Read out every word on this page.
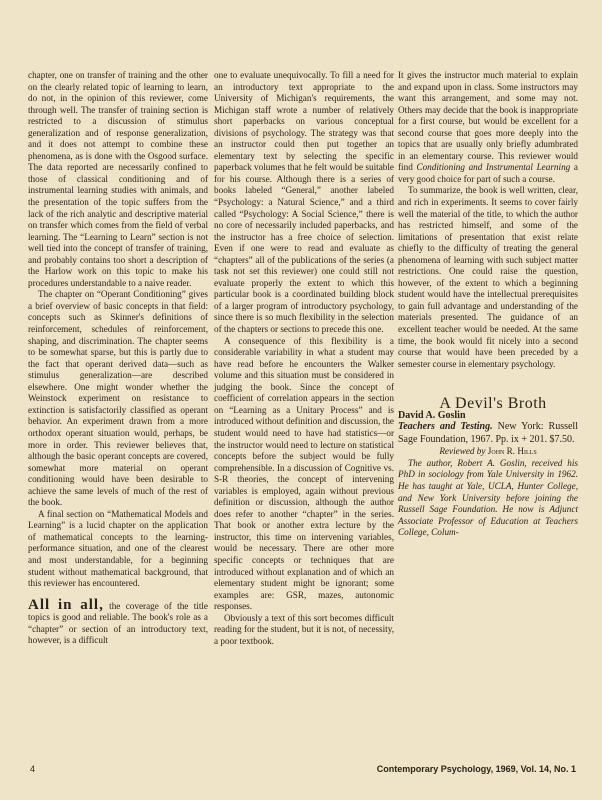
chapter, one on transfer of training and the other on the clearly related topic of learning to learn, do not, in the opinion of this reviewer, come through well. The transfer of training section is restricted to a discussion of stimulus generalization and of response generalization, and it does not attempt to combine these phenomena, as is done with the Osgood surface. The data reported are necessarily confined to those of classical conditioning and of instrumental learning studies with animals, and the presentation of the topic suffers from the lack of the rich analytic and descriptive material on transfer which comes from the field of verbal learning. The “Learning to Learn” section is not well tied into the concept of transfer of training, and probably contains too short a description of the Harlow work on this topic to make his procedures understandable to a naive reader.

The chapter on “Operant Conditioning” gives a brief overview of basic concepts in that field: concepts such as Skinner's definitions of reinforcement, schedules of reinforcement, shaping, and discrimination. The chapter seems to be somewhat sparse, but this is partly due to the fact that operant derived data—such as stimulus generalization—are described elsewhere. One might wonder whether the Weinstock experiment on resistance to extinction is satisfactorily classified as operant behavior. An experiment drawn from a more orthodox operant situation would, perhaps, be more in order. This reviewer believes that, although the basic operant concepts are covered, somewhat more material on operant conditioning would have been desirable to achieve the same levels of much of the rest of the book.

A final section on “Mathematical Models and Learning” is a lucid chapter on the application of mathematical concepts to the learning-performance situation, and one of the clearest and most understandable, for a beginning student without mathematical background, that this reviewer has encountered.

All in all, the coverage of the title topics is good and reliable. The book's role as a “chapter” or section of an introductory text, however, is a difficult

one to evaluate unequivocally. To fill a need for an introductory text appropriate to the University of Michigan's requirements, the Michigan staff wrote a number of relatively short paperbacks on various conceptual divisions of psychology. The strategy was that an instructor could then put together an elementary text by selecting the specific paperback volumes that he felt would be suitable for his course. Although there is a series of books labeled “General,” another labeled “Psychology: a Natural Science,” and a third called “Psychology: A Social Science,” there is no core of necessarily included paperbacks, and the instructor has a free choice of selection. Even if one were to read and evaluate as “chapters” all of the publications of the series (a task not set this reviewer) one could still not evaluate properly the extent to which this particular book is a coordinated building block of a larger program of introductory psychology, since there is so much flexibility in the selection of the chapters or sections to precede this one.

A consequence of this flexibility is a considerable variability in what a student may have read before he encounters the Walker volume and this situation must be considered in judging the book. Since the concept of coefficient of correlation appears in the section on “Learning as a Unitary Process” and is introduced without definition and discussion, the student would need to have had statistics—or the instructor would need to lecture on statistical concepts before the subject would be fully comprehensible. In a discussion of Cognitive vs. S-R theories, the concept of intervening variables is employed, again without previous definition or discussion, although the author does refer to another “chapter” in the series. That book or another extra lecture by the instructor, this time on intervening variables, would be necessary. There are other more specific concepts or techniques that are introduced without explanation and of which an elementary student might be ignorant; some examples are: GSR, mazes, autonomic responses.

Obviously a text of this sort becomes difficult reading for the student, but it is not, of necessity, a poor textbook.

It gives the instructor much material to explain and expand upon in class. Some instructors may want this arrangement, and some may not. Others may decide that the book is inappropriate for a first course, but would be excellent for a second course that goes more deeply into the topics that are usually only briefly adumbrated in an elementary course. This reviewer would find Conditioning and Instrumental Learning a very good choice for part of such a course.

To summarize, the book is well written, clear, and rich in experiments. It seems to cover fairly well the material of the title, to which the author has restricted himself, and some of the limitations of presentation that exist relate chiefly to the difficulty of treating the general phenomena of learning with such subject matter restrictions. One could raise the question, however, of the extent to which a beginning student would have the intellectual prerequisites to gain full advantage and understanding of the materials presented. The guidance of an excellent teacher would be needed. At the same time, the book would fit nicely into a second course that would have been preceded by a semester course in elementary psychology.

A Devil's Broth

David A. Goslin

Teachers and Testing. New York: Russell Sage Foundation, 1967. Pp. ix + 201. $7.50.

Reviewed by John R. Hills

The author, Robert A. Goslin, received his PhD in sociology from Yale University in 1962. He has taught at Yale, UCLA, Hunter College, and New York University before joining the Russell Sage Foundation. He now is Adjunct Associate Professor of Education at Teachers College, Colum-

4	Contemporary Psychology, 1969, Vol. 14, No. 1
